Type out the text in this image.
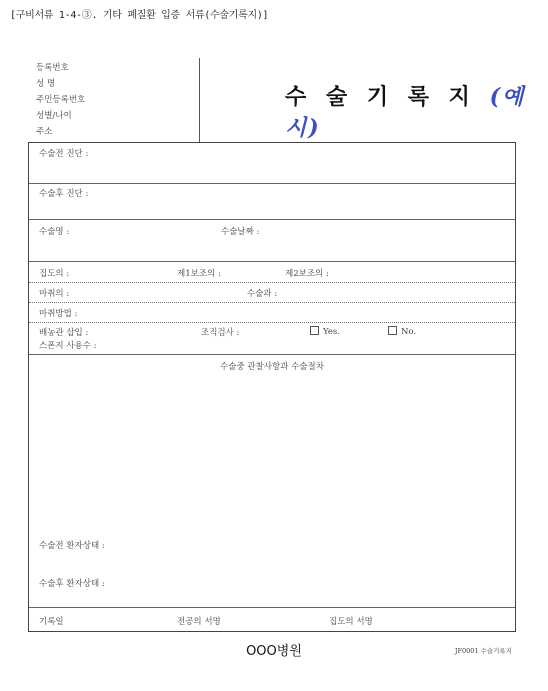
[구비서류 1-4-③. 기타 폐질환 입증 서류(수술기록지)]
등록번호
성 명
주민등록번호
성별/나이
주소
수 술 기 록 지 (예시)
수술전 진단 :
수술후 진단 :
수술명 :	수술날짜 :
집도의 :	제1보조의 :	제2보조의 :
마취의 :	수술과 :
마취방법 :
배농관 삽입 :	조직검사 :	Yes.	No.
스폰지 사용수 :
수술중 관찰사항과 수술절차
수술전 환자상태 :
수술후 환자상태 :
기록일	전공의 서명	집도의 서명
OOO병원	JF0001 수술기록지
